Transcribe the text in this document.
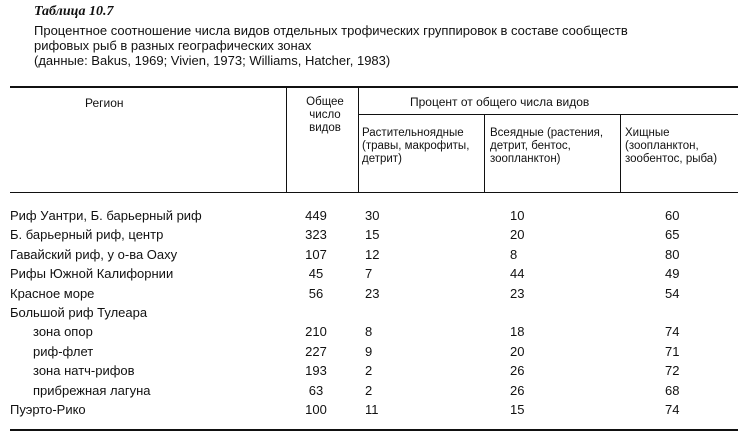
Таблица 10.7
Процентное соотношение числа видов отдельных трофических группировок в составе сообществ
рифовых рыб в разных географических зонах
(данные: Bakus, 1969; Vivien, 1973; Williams, Hatcher, 1983)
Регион	Общее число видов
Процент от общего числа видов
Растительноядные (травы, макрофиты, детрит)
Всеядные (растения, детрит, бентос, зоопланктон)
Хищные (зоопланктон, зообентос, рыба)
Риф Уантри, Б. барьерный риф	449	30	10	60
Б. барьерный риф, центр	323	15	20	65
Гавайский риф, у о-ва Оаху	107	12	8	80
Рифы Южной Калифорнии	45	7	44	49
Красное море	56	23	23	54
Большой риф Тулеара
зона опор	210	8	18	74
риф-флет	227	9	20	71
зона натч-рифов	193	2	26	72
прибрежная лагуна	63	2	26	68
Пуэрто-Рико	100	11	15	74
